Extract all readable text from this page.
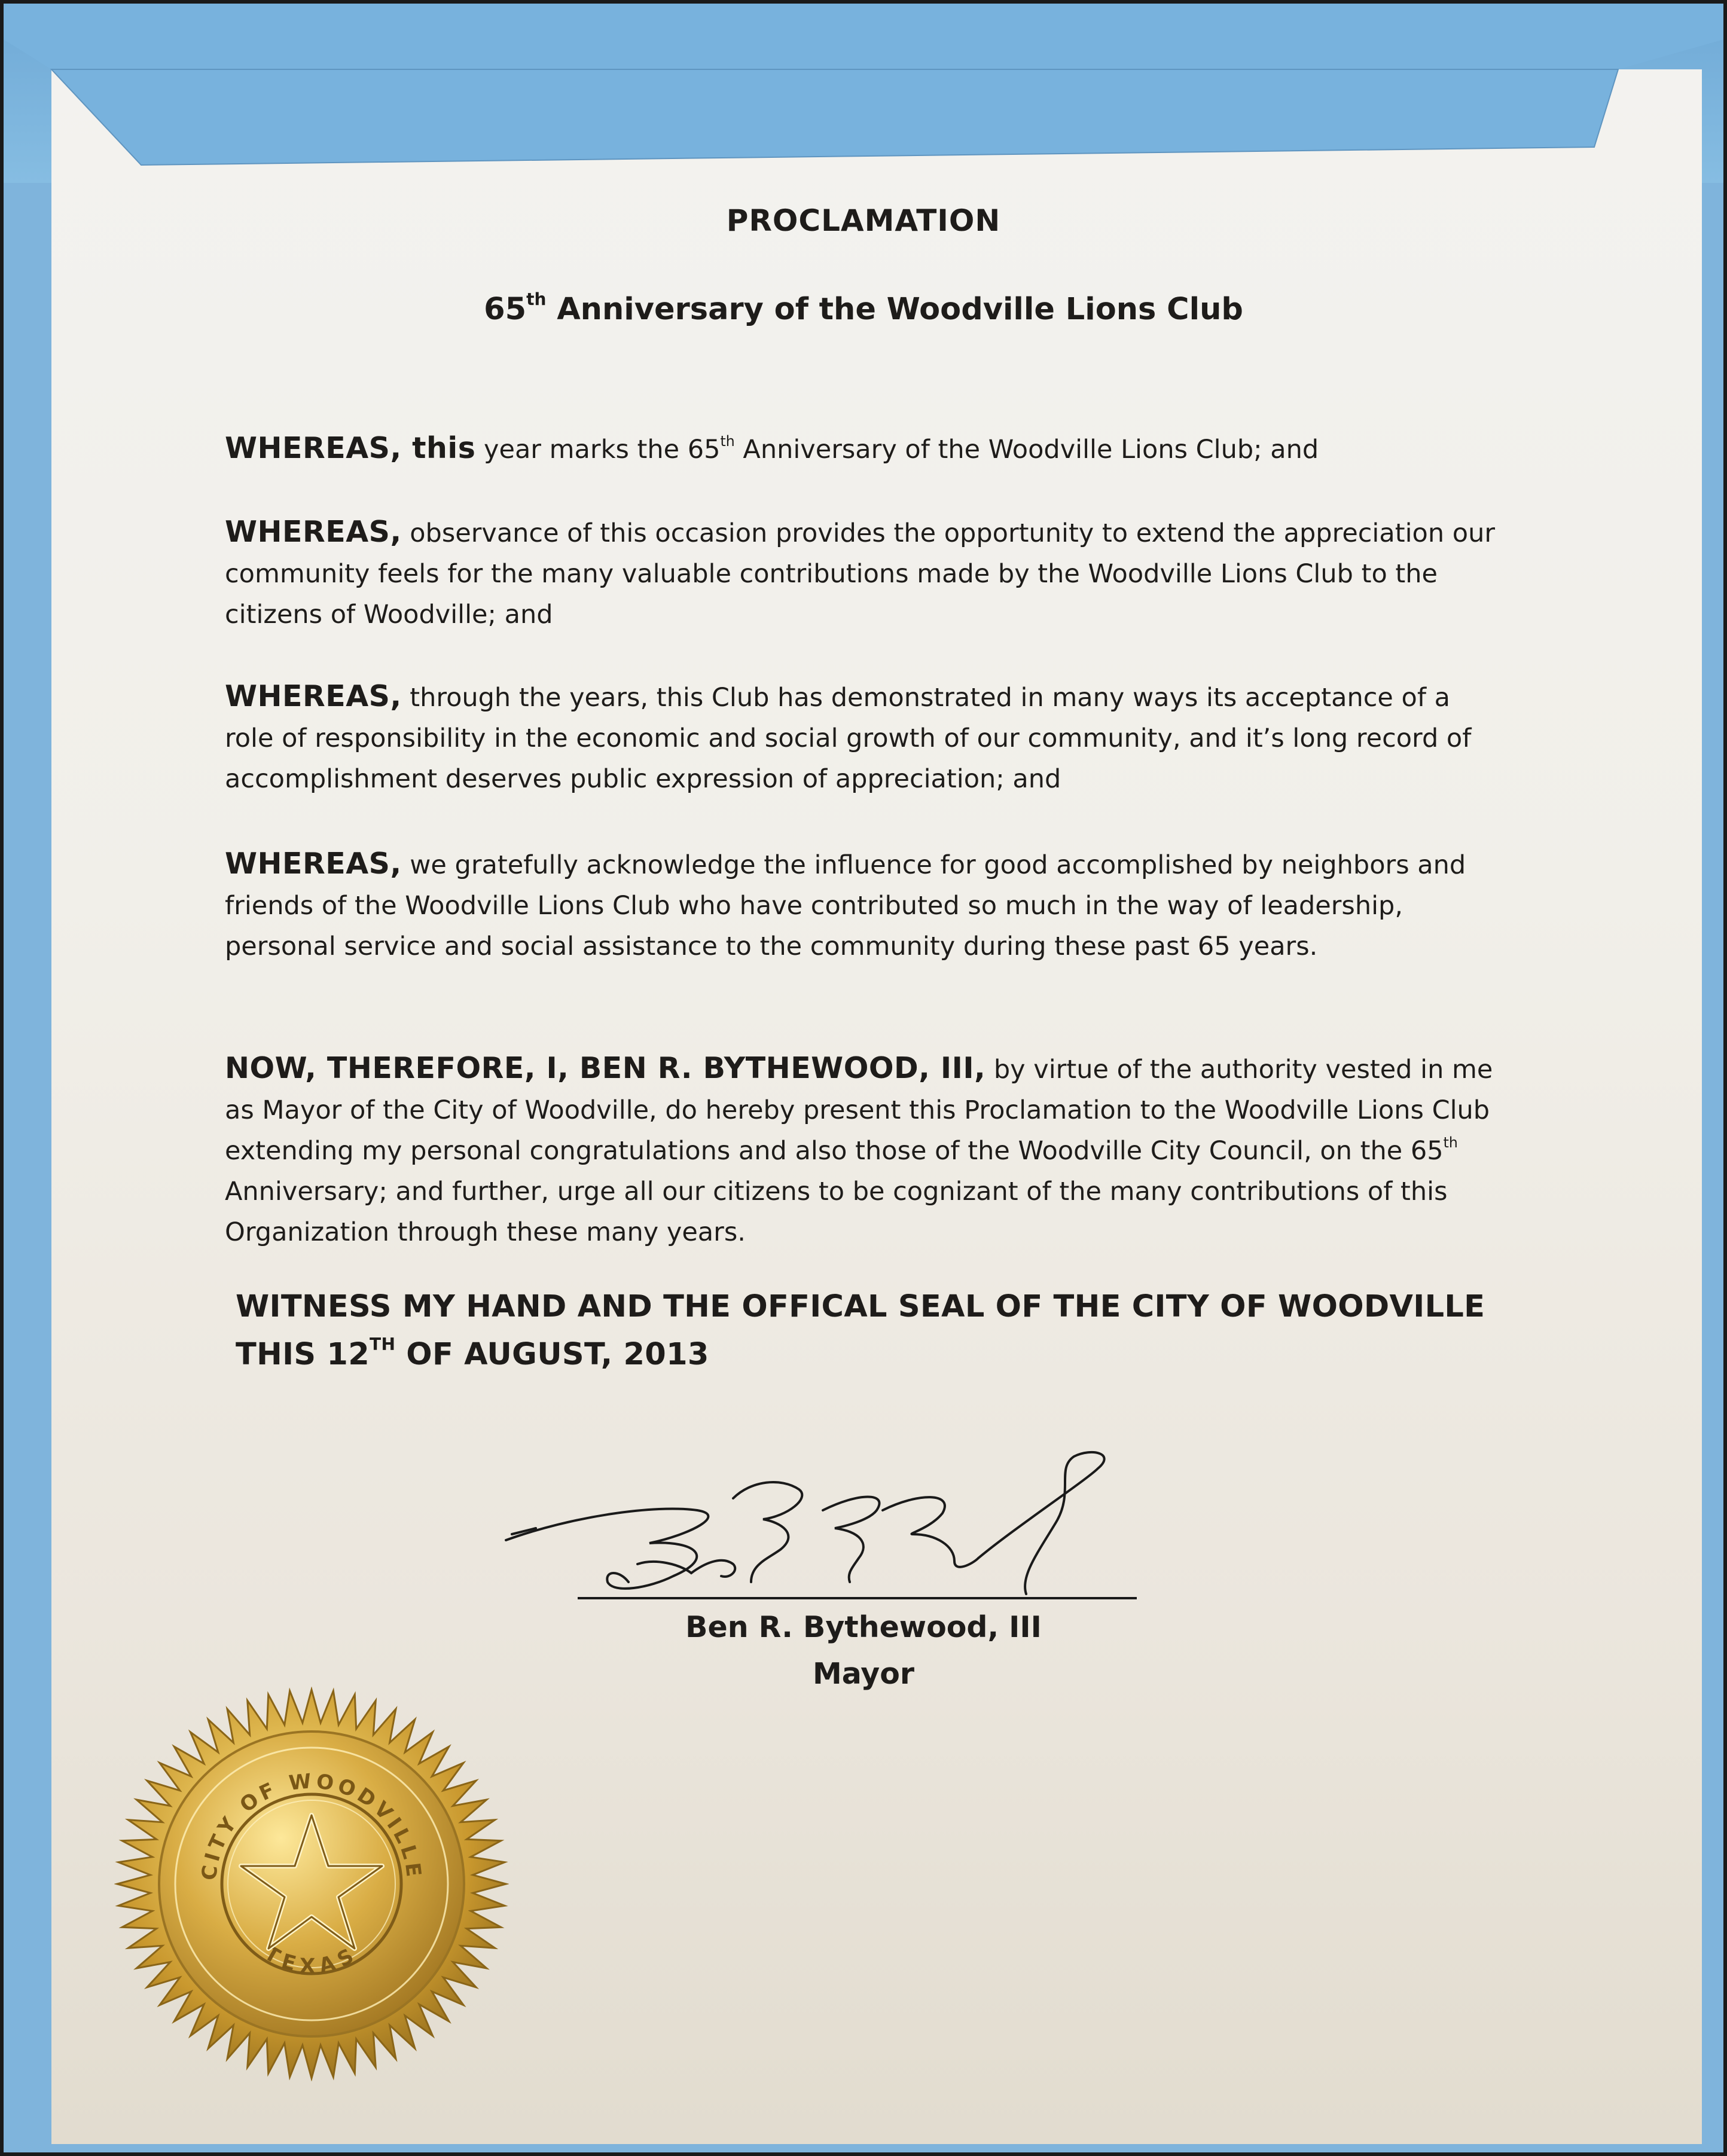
PROCLAMATION
65th Anniversary of the Woodville Lions Club
WHEREAS, this year marks the 65th Anniversary of the Woodville Lions Club; and
WHEREAS, observance of this occasion provides the opportunity to extend the appreciation our community feels for the many valuable contributions made by the Woodville Lions Club to the citizens of Woodville; and
WHEREAS, through the years, this Club has demonstrated in many ways its acceptance of a role of responsibility in the economic and social growth of our community, and it’s long record of accomplishment deserves public expression of appreciation; and
WHEREAS, we gratefully acknowledge the influence for good accomplished by neighbors and friends of the Woodville Lions Club who have contributed so much in the way of leadership, personal service and social assistance to the community during these past 65 years.
NOW, THEREFORE, I, BEN R. BYTHEWOOD, III, by virtue of the authority vested in me as Mayor of the City of Woodville, do hereby present this Proclamation to the Woodville Lions Club extending my personal congratulations and also those of the Woodville City Council, on the 65th Anniversary; and further, urge all our citizens to be cognizant of the many contributions of this Organization through these many years.
WITNESS MY HAND AND THE OFFICAL SEAL OF THE CITY OF WOODVILLE THIS 12TH OF AUGUST, 2013
Ben R. Bythewood, III
Mayor
CITY OF WOODVILLE
TEXAS
